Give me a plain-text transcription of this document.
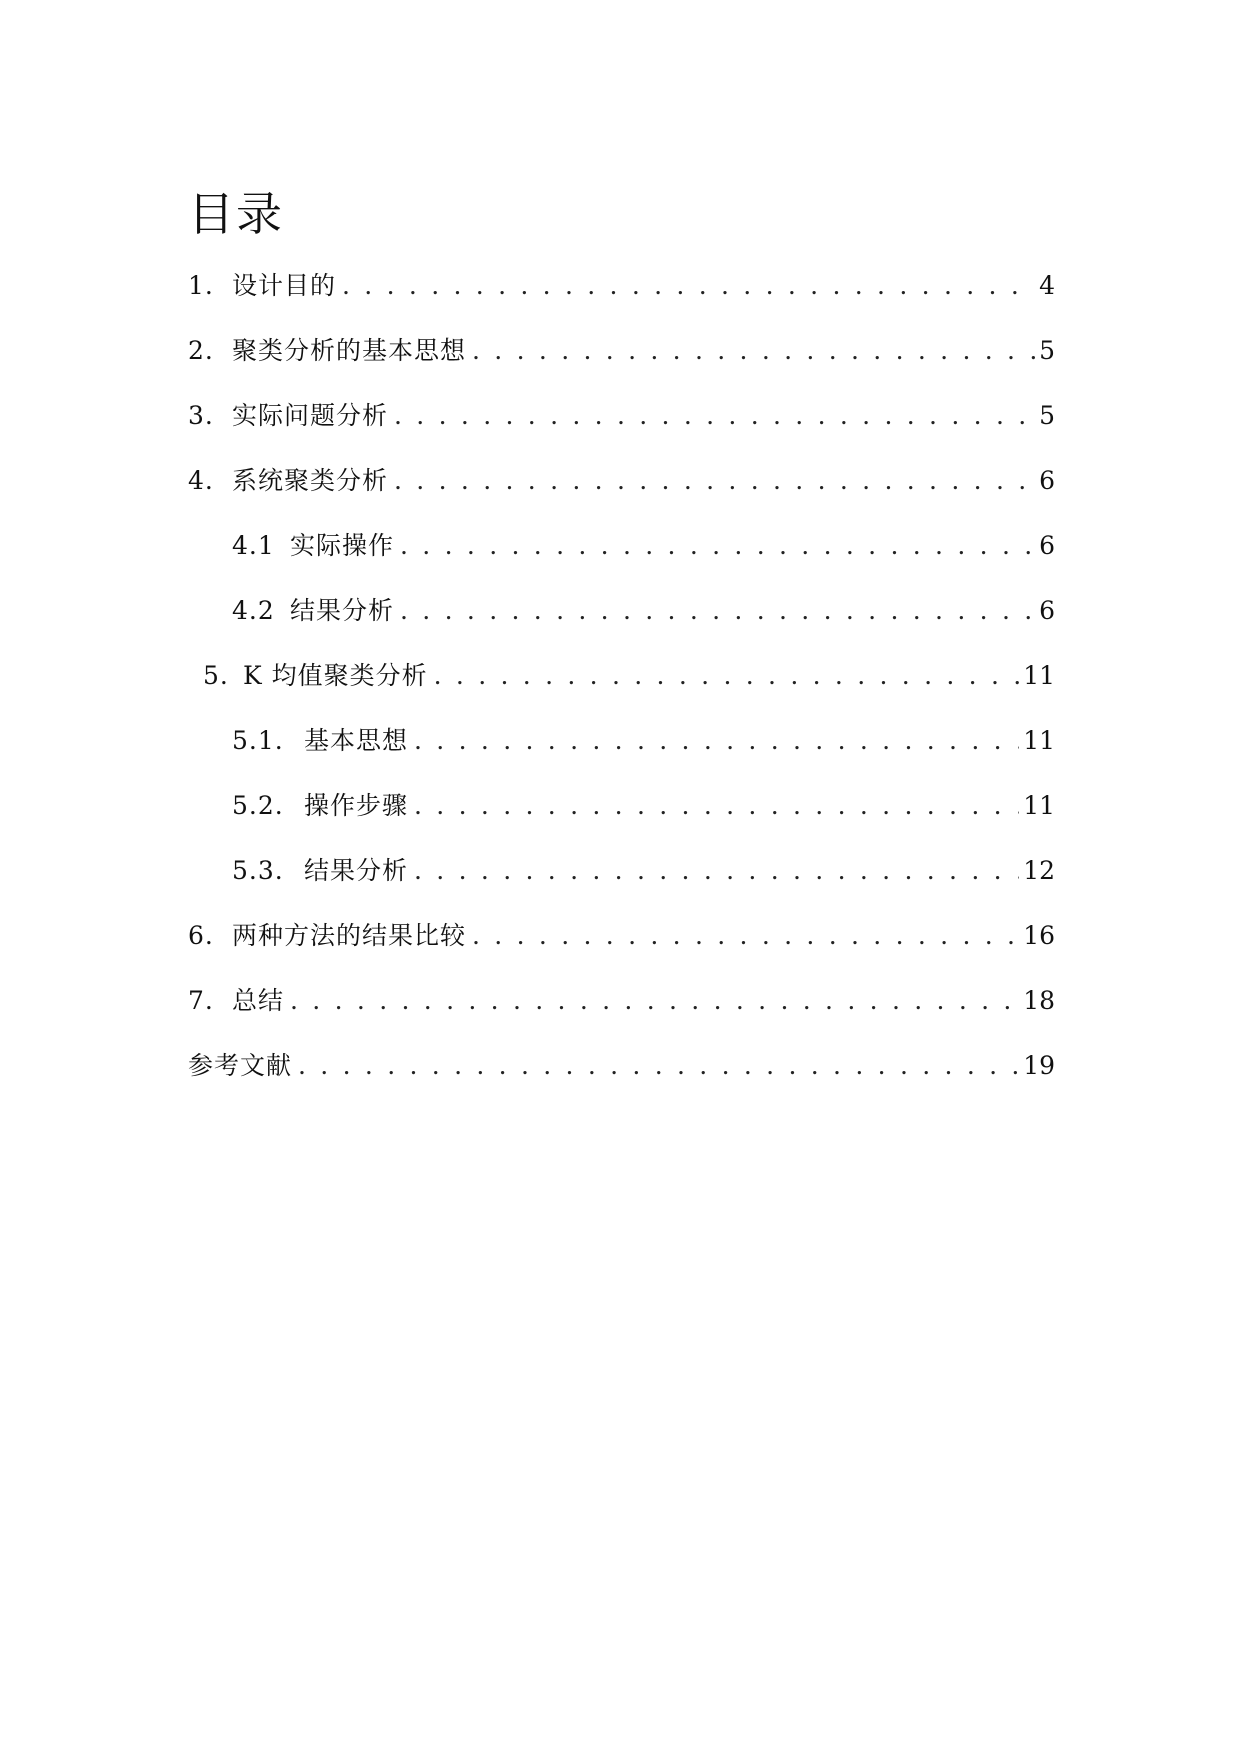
目录
1. 设计目的 . . .	4
2. 聚类分析的基本思想 . . .	5
3. 实际问题分析 . . .	5
4. 系统聚类分析 . . .	6
4.1 实际操作 . . .	6
4.2 结果分析 . . .	6
5. K 均值聚类分析 . . .	11
5.1. 基本思想 . . .	11
5.2. 操作步骤 . . .	11
5.3. 结果分析 . . .	12
6. 两种方法的结果比较 . . .	16
7. 总结 . . .	18
参考文献 . . .	19
